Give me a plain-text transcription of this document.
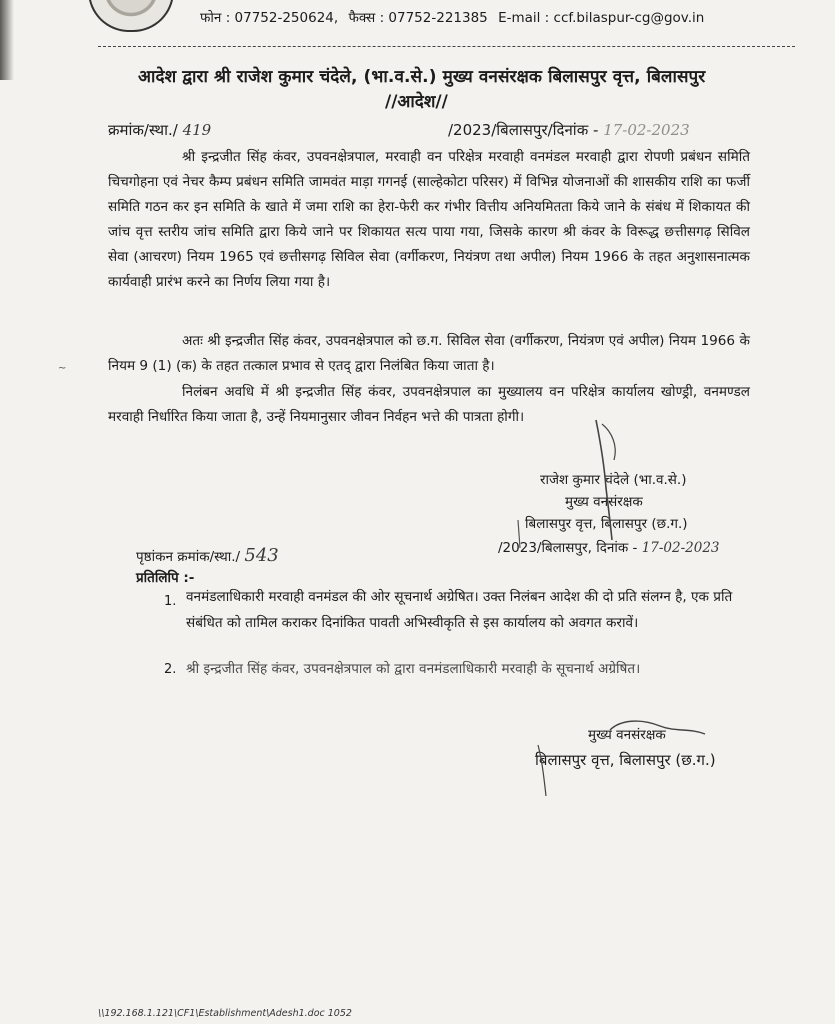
फोन : 07752-250624, फैक्स : 07752-221385 E-mail : ccf.bilaspur-cg@gov.in
आदेश द्वारा श्री राजेश कुमार चंदेले, (भा.व.से.) मुख्य वनसंरक्षक बिलासपुर वृत्त, बिलासपुर
//आदेश//
क्रमांक/स्था./ 419	/2023/बिलासपुर/दिनांक - 17-02-2023
श्री इन्द्रजीत सिंह कंवर, उपवनक्षेत्रपाल, मरवाही वन परिक्षेत्र मरवाही वनमंडल मरवाही द्वारा रोपणी प्रबंधन समिति चिचगोहना एवं नेचर कैम्प प्रबंधन समिति जामवंत माड़ा गगनई (साल्हेकोटा परिसर) में विभिन्न योजनाओं की शासकीय राशि का फर्जी समिति गठन कर इन समिति के खाते में जमा राशि का हेरा-फेरी कर गंभीर वित्तीय अनियमितता किये जाने के संबंध में शिकायत की जांच वृत्त स्तरीय जांच समिति द्वारा किये जाने पर शिकायत सत्य पाया गया, जिसके कारण श्री कंवर के विरूद्ध छत्तीसगढ़ सिविल सेवा (आचरण) नियम 1965 एवं छत्तीसगढ़ सिविल सेवा (वर्गीकरण, नियंत्रण तथा अपील) नियम 1966 के तहत अनुशासनात्मक कार्यवाही प्रारंभ करने का निर्णय लिया गया है।
अतः श्री इन्द्रजीत सिंह कंवर, उपवनक्षेत्रपाल को छ.ग. सिविल सेवा (वर्गीकरण, नियंत्रण एवं अपील) नियम 1966 के नियम 9 (1) (क) के तहत तत्काल प्रभाव से एतद् द्वारा निलंबित किया जाता है।
निलंबन अवधि में श्री इन्द्रजीत सिंह कंवर, उपवनक्षेत्रपाल का मुख्यालय वन परिक्षेत्र कार्यालय खोण्ड्री, वनमण्डल मरवाही निर्धारित किया जाता है, उन्हें नियमानुसार जीवन निर्वहन भत्ते की पात्रता होगी।
~
राजेश कुमार चंदेले (भा.व.से.)
मुख्य वनसंरक्षक
बिलासपुर वृत्त, बिलासपुर (छ.ग.)
/2023/बिलासपुर, दिनांक - 17-02-2023
पृष्ठांकन क्रमांक/स्था./ 543
प्रतिलिपि :-
1. वनमंडलाधिकारी मरवाही वनमंडल की ओर सूचनार्थ अग्रेषित। उक्त निलंबन आदेश की दो प्रति संलग्न है, एक प्रति संबंधित को तामिल कराकर दिनांकित पावती अभिस्वीकृति से इस कार्यालय को अवगत करावें।
2. श्री इन्द्रजीत सिंह कंवर, उपवनक्षेत्रपाल को द्वारा वनमंडलाधिकारी मरवाही के सूचनार्थ अग्रेषित।
मुख्य वनसंरक्षक
बिलासपुर वृत्त, बिलासपुर (छ.ग.)
\\192.168.1.121\CF1\Establishment\Adesh1.doc 1052
